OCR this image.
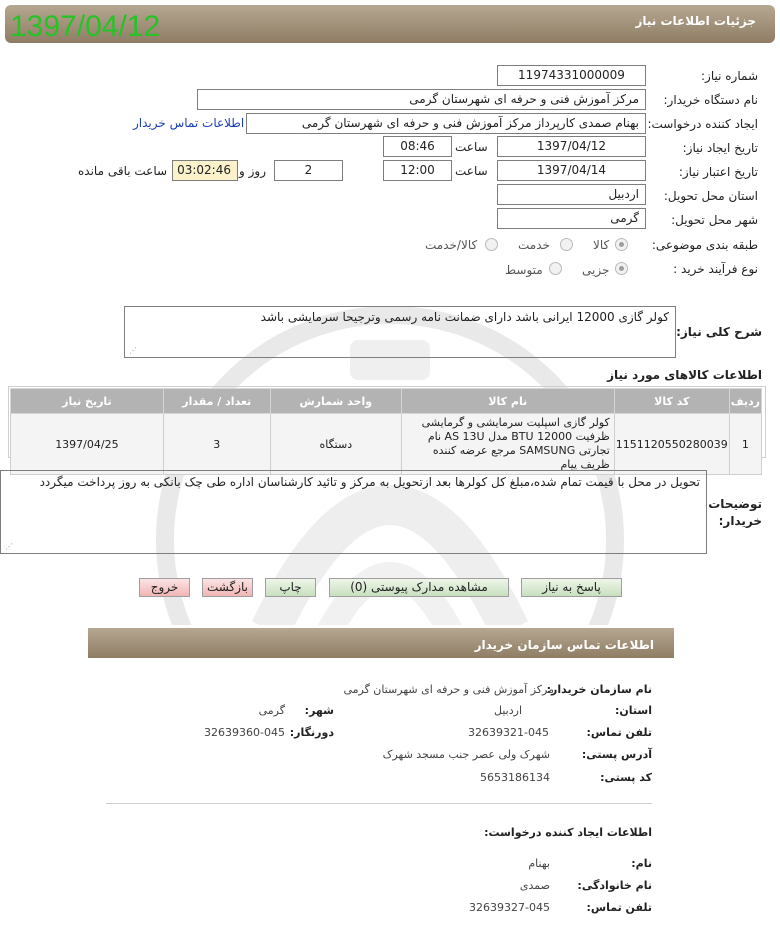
جزئیات اطلاعات نیاز
1397/04/12
شماره نیاز:
11974331000009
نام دستگاه خریدار:
مرکز آموزش فنی و حرفه ای شهرستان گرمی
ایجاد کننده درخواست:
بهنام صمدی کارپرداز مرکز آموزش فنی و حرفه ای شهرستان گرمی
اطلاعات تماس خریدار
تاریخ ایجاد نیاز:
1397/04/12
ساعت
08:46
تاریخ اعتبار نیاز:
1397/04/14
ساعت
12:00
2
روز و
03:02:46
ساعت باقی مانده
استان محل تحویل:
اردبیل
شهر محل تحویل:
گرمی
طبقه بندی موضوعی:
کالا
خدمت
کالا/خدمت
نوع فرآیند خرید :
جزیی
متوسط
شرح کلی نیاز:
کولر گازی 12000 ایرانی باشد دارای ضمانت نامه رسمی وترجیحا سرمایشی باشد
⋰
اطلاعات کالاهای مورد نیاز
ردیف	کد کالا	نام کالا	واحد شمارش	تعداد / مقدار	تاریخ نیاز
1	1151120550280039	کولر گازی اسپلیت سرمایشی و گرمایشی ظرفیت 12000 BTU مدل AS 13U نام تجارتی SAMSUNG مرجع عرضه کننده ظریف پیام	دستگاه	3	1397/04/25
توضیحات خریدار:
تحویل در محل با قیمت تمام شده،مبلغ کل کولرها بعد ازتحویل به مرکز و تائید کارشناسان اداره طی چک بانکی به روز پرداخت میگردد
⋰
پاسخ به نیاز
مشاهده مدارک پیوستی (0)
چاپ
بازگشت
خروج
اطلاعات تماس سازمان خریدار
نام سازمان خریدار:
مرکز آموزش فنی و حرفه ای شهرستان گرمی
استان:
اردبیل
شهر:
گرمی
تلفن تماس:
32639321-045
دورنگار:
32639360-045
آدرس پستی:
شهرک ولی عصر جنب مسجد شهرک
کد پستی:
5653186134
اطلاعات ایجاد کننده درخواست:
نام:
بهنام
نام خانوادگی:
صمدی
تلفن تماس:
32639327-045
